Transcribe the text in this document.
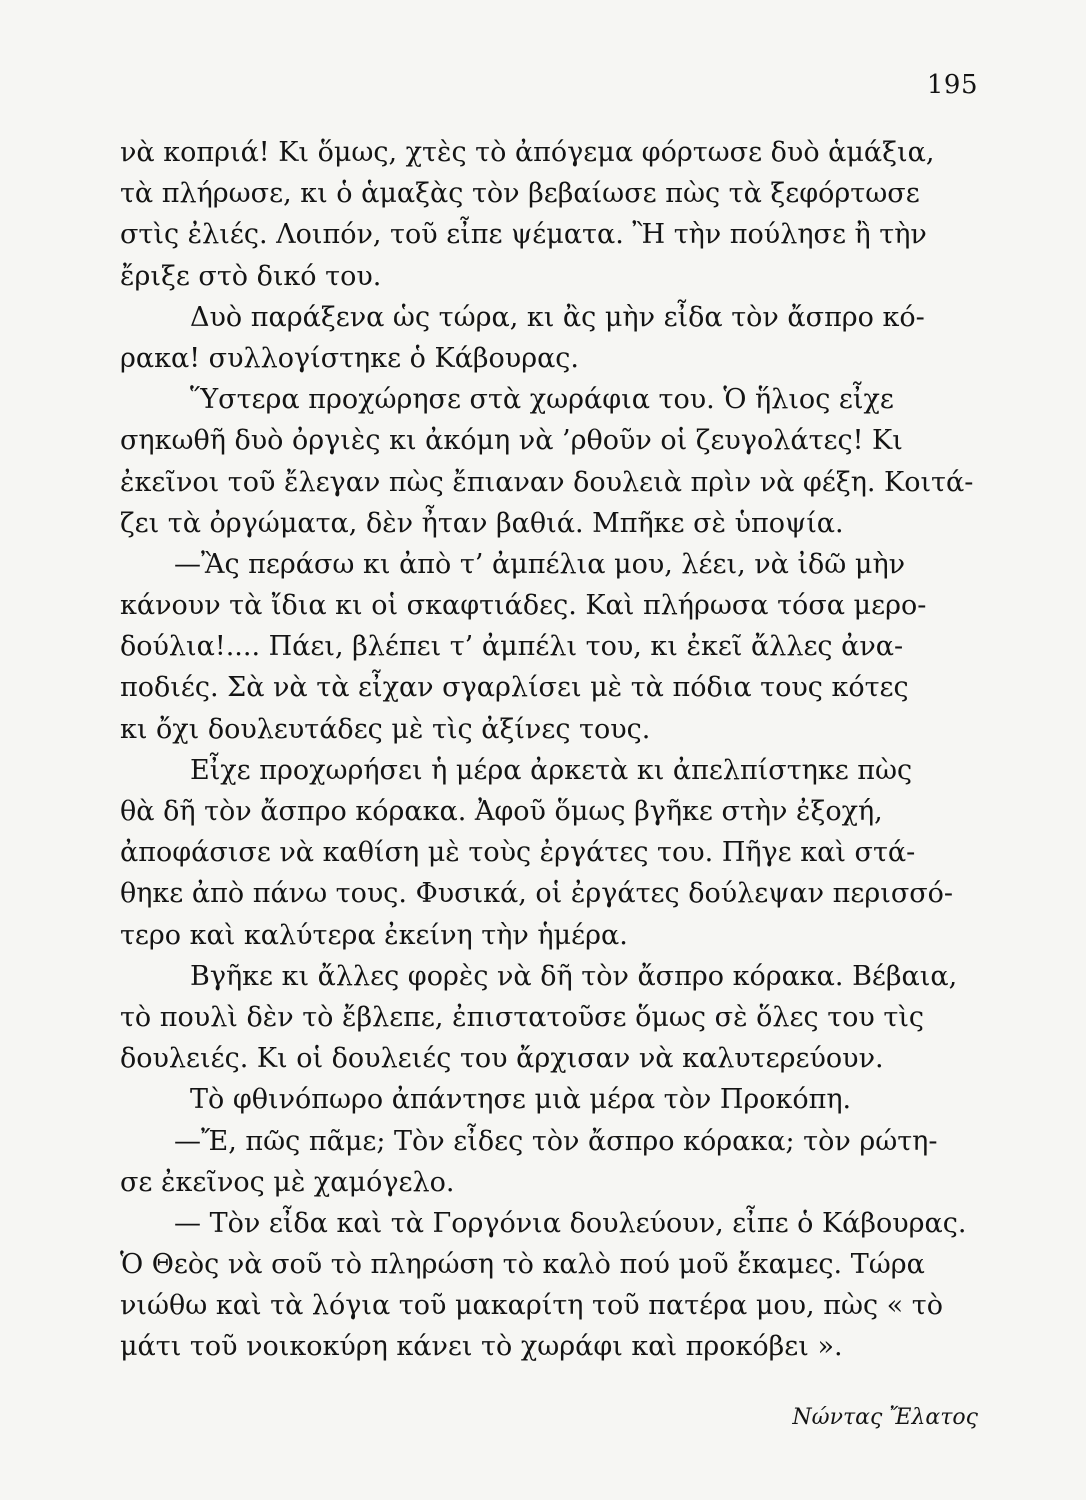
195
νὰ κοπριά! Κι ὅμως, χτὲς τὸ ἀπόγεμα φόρτωσε δυὸ ἁμάξια,
τὰ πλήρωσε, κι ὁ ἁμαξὰς τὸν βεβαίωσε πὼς τὰ ξεφόρτωσε
στὶς ἐλιές. Λοιπόν, τοῦ εἶπε ψέματα. Ἢ τὴν πούλησε ἢ τὴν
ἔριξε στὸ δικό του.
Δυὸ παράξενα ὡς τώρα, κι ἂς μὴν εἶδα τὸν ἄσπρο κό-
ρακα! συλλογίστηκε ὁ Κάβουρας.
Ὕστερα προχώρησε στὰ χωράφια του. Ὁ ἥλιος εἶχε
σηκωθῆ δυὸ ὀργιὲς κι ἀκόμη νὰ ’ρθοῦν οἱ ζευγολάτες! Κι
ἐκεῖνοι τοῦ ἔλεγαν πὼς ἔπιαναν δουλειὰ πρὶν νὰ φέξη. Κοιτά-
ζει τὰ ὀργώματα, δὲν ἦταν βαθιά. Μπῆκε σὲ ὑποψία.
—Ἂς περάσω κι ἀπὸ τ’ ἀμπέλια μου, λέει, νὰ ἰδῶ μὴν
κάνουν τὰ ἴδια κι οἱ σκαφτιάδες. Καὶ πλήρωσα τόσα μερο-
δούλια!.... Πάει, βλέπει τ’ ἀμπέλι του, κι ἐκεῖ ἄλλες ἀνα-
ποδιές. Σὰ νὰ τὰ εἶχαν σγαρλίσει μὲ τὰ πόδια τους κότες
κι ὄχι δουλευτάδες μὲ τὶς ἀξίνες τους.
Εἶχε προχωρήσει ἡ μέρα ἀρκετὰ κι ἀπελπίστηκε πὼς
θὰ δῆ τὸν ἄσπρο κόρακα. Ἀφοῦ ὅμως βγῆκε στὴν ἐξοχή,
ἀποφάσισε νὰ καθίση μὲ τοὺς ἐργάτες του. Πῆγε καὶ στά-
θηκε ἀπὸ πάνω τους. Φυσικά, οἱ ἐργάτες δούλεψαν περισσό-
τερο καὶ καλύτερα ἐκείνη τὴν ἡμέρα.
Βγῆκε κι ἄλλες φορὲς νὰ δῆ τὸν ἄσπρο κόρακα. Βέβαια,
τὸ πουλὶ δὲν τὸ ἔβλεπε, ἐπιστατοῦσε ὅμως σὲ ὅλες του τὶς
δουλειές. Κι οἱ δουλειές του ἄρχισαν νὰ καλυτερεύουν.
Τὸ φθινόπωρο ἀπάντησε μιὰ μέρα τὸν Προκόπη.
—Ἔ, πῶς πᾶμε; Τὸν εἶδες τὸν ἄσπρο κόρακα; τὸν ρώτη-
σε ἐκεῖνος μὲ χαμόγελο.
— Τὸν εἶδα καὶ τὰ Γοργόνια δουλεύουν, εἶπε ὁ Κάβουρας.
Ὁ Θεὸς νὰ σοῦ τὸ πληρώση τὸ καλὸ πού μοῦ ἔκαμες. Τώρα
νιώθω καὶ τὰ λόγια τοῦ μακαρίτη τοῦ πατέρα μου, πὼς « τὸ
μάτι τοῦ νοικοκύρη κάνει τὸ χωράφι καὶ προκόβει ».
Νώντας Ἔλατος
